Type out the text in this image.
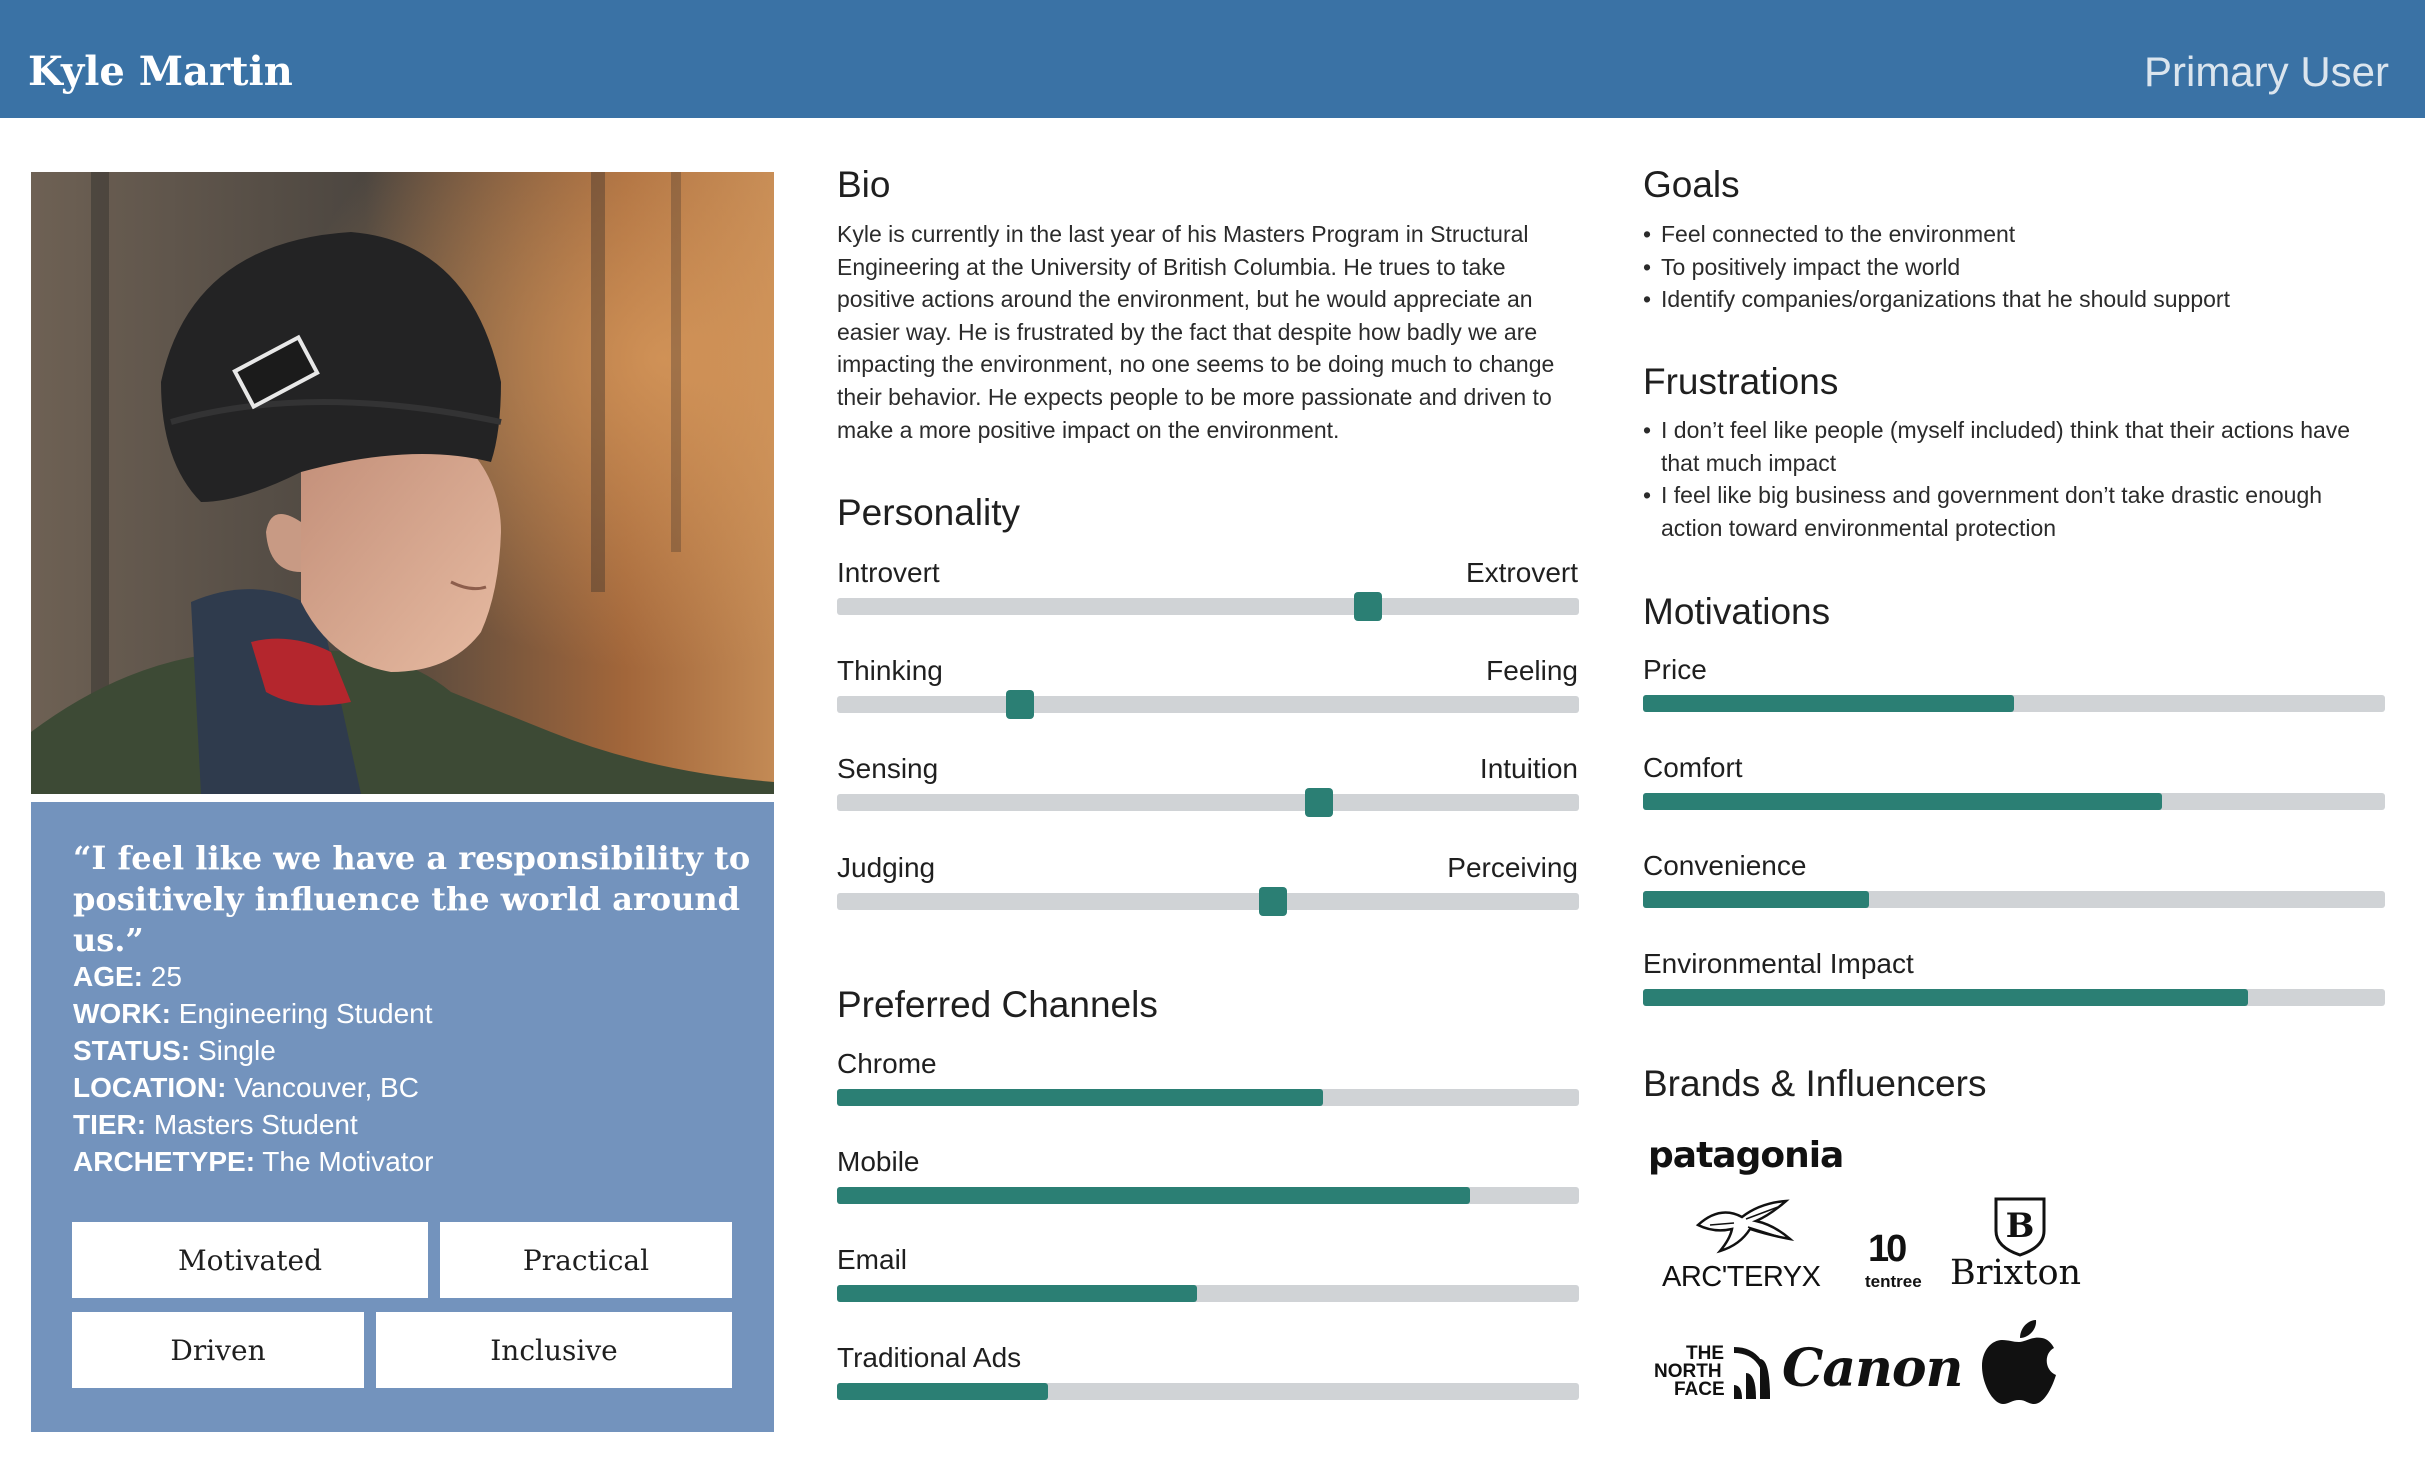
Kyle Martin	Primary User
“I feel like we have a responsibility to positively influence the world around us.”
AGE: 25
WORK: Engineering Student
STATUS: Single
LOCATION: Vancouver, BC
TIER: Masters Student
ARCHETYPE: The Motivator
Motivated	Practical
Driven	Inclusive
Bio
Kyle is currently in the last year of his Masters Program in Structural Engineering at the University of British Columbia. He trues to take positive actions around the environment, but he would appreciate an easier way. He is frustrated by the fact that despite how badly we are impacting the environment, no one seems to be doing much to change their behavior. He expects people to be more passionate and driven to make a more positive impact on the environment.
Personality
Introvert	Extrovert
Thinking	Feeling
Sensing	Intuition
Judging	Perceiving
Preferred Channels
Chrome
Mobile
Email
Traditional Ads
Goals
• Feel connected to the environment
• To positively impact the world
• Identify companies/organizations that he should support
Frustrations
• I don’t feel like people (myself included) think that their actions have that much impact
• I feel like big business and government don’t take drastic enough action toward environmental protection
Motivations
Price
Comfort
Convenience
Environmental Impact
Brands & Influencers
patagonia
ARC'TERYX
10
tentree
B
Brixton
THE
NORTH
FACE Canon
